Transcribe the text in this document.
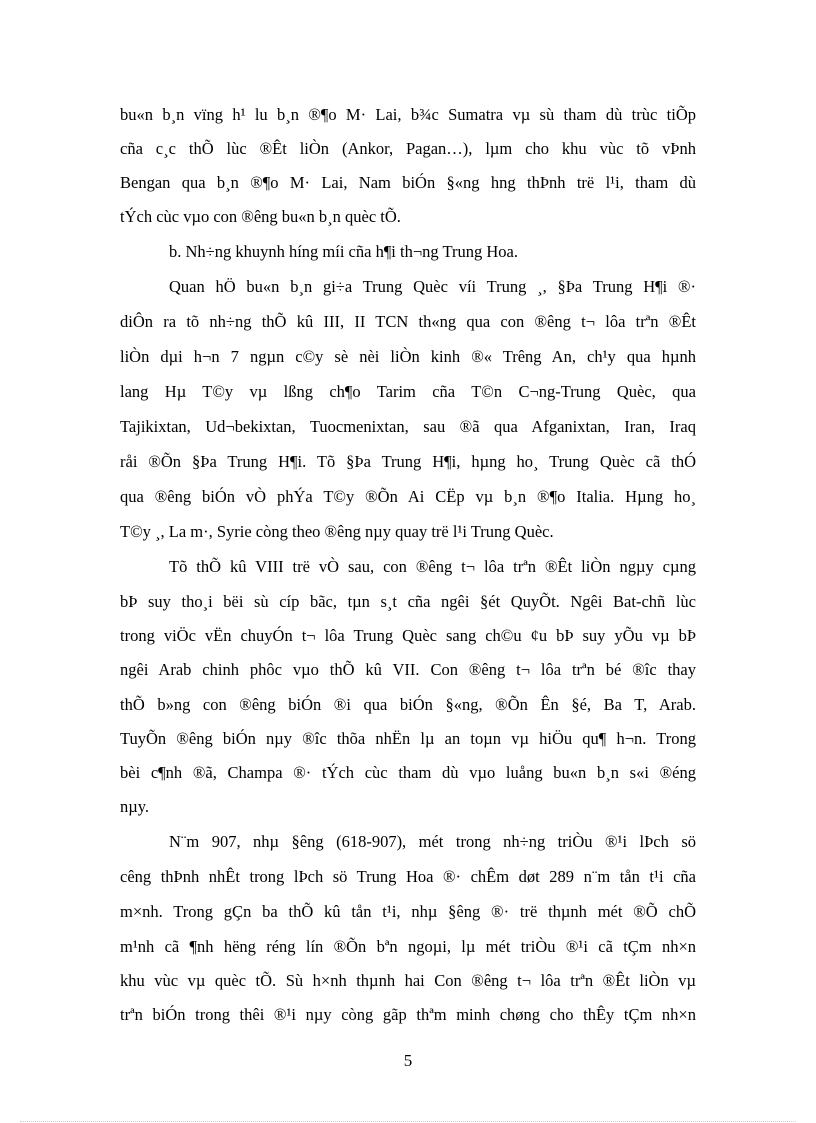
bu«n b¸n vïng h¹ lu b¸n ®¶o M· Lai, b¾c Sumatra vµ sù tham dù trùc tiÕp
cña c¸c thÕ lùc ®Êt liÒn (Ankor, Pagan…), lµm cho khu vùc tõ vÞnh
Bengan qua b¸n ®¶o M· Lai, Nam biÓn §«ng hng thÞnh trë l¹i, tham dù
tÝch cùc vµo con ®êng bu«n b¸n quèc tÕ.
b. Nh÷ng khuynh híng míi cña h¶i th¬ng Trung Hoa.
Quan hÖ bu«n b¸n gi÷a Trung Quèc víi Trung ¸, §Þa Trung H¶i ®·
diÔn ra tõ nh÷ng thÕ kû III, II TCN th«ng qua con ®êng t¬ lôa trªn ®Êt
liÒn dµi h¬n 7 ngµn c©y sè nèi liÒn kinh ®« Trêng An, ch¹y qua hµnh
lang Hµ T©y vµ lßng ch¶o Tarim cña T©n C¬ng-Trung Quèc, qua
Tajikixtan, Ud¬bekixtan, Tuocmenixtan, sau ®ã qua Afganixtan, Iran, Iraq
råi ®Õn §Þa Trung H¶i. Tõ §Þa Trung H¶i, hµng ho¸ Trung Quèc cã thÓ
qua ®êng biÓn vÒ phÝa T©y ®Õn Ai CËp vµ b¸n ®¶o Italia. Hµng ho¸
T©y ¸, La m·, Syrie còng theo ®êng nµy quay trë l¹i Trung Quèc.
Tõ thÕ kû VIII trë vÒ sau, con ®êng t¬ lôa trªn ®Êt liÒn ngµy cµng
bÞ suy tho¸i bëi sù cíp bãc, tµn s¸t cña ngêi §ét QuyÕt. Ngêi Bat-chñ lùc
trong viÖc vËn chuyÓn t¬ lôa Trung Quèc sang ch©u ¢u bÞ suy yÕu vµ bÞ
ngêi Arab chinh phôc vµo thÕ kû VII. Con ®êng t¬ lôa trªn bé ®îc thay
thÕ b»ng con ®êng biÓn ®i qua biÓn §«ng, ®Õn Ên §é, Ba T, Arab.
TuyÕn ®êng biÓn nµy ®îc thõa nhËn lµ an toµn vµ hiÖu qu¶ h¬n. Trong
bèi c¶nh ®ã, Champa ®· tÝch cùc tham dù vµo luång bu«n b¸n s«i ®éng
nµy.
N¨m 907, nhµ §êng (618-907), mét trong nh÷ng triÒu ®¹i lÞch sö
cêng thÞnh nhÊt trong lÞch sö Trung Hoa ®· chÊm døt 289 n¨m tån t¹i cña
m×nh. Trong gÇn ba thÕ kû tån t¹i, nhµ §êng ®· trë thµnh mét ®Õ chÕ
m¹nh cã ¶nh hëng réng lín ®Õn bªn ngoµi, lµ mét triÒu ®¹i cã tÇm nh×n
khu vùc vµ quèc tÕ. Sù h×nh thµnh hai Con ®êng t¬ lôa trªn ®Êt liÒn vµ
trªn biÓn trong thêi ®¹i nµy còng gãp thªm minh chøng cho thÊy tÇm nh×n
5
